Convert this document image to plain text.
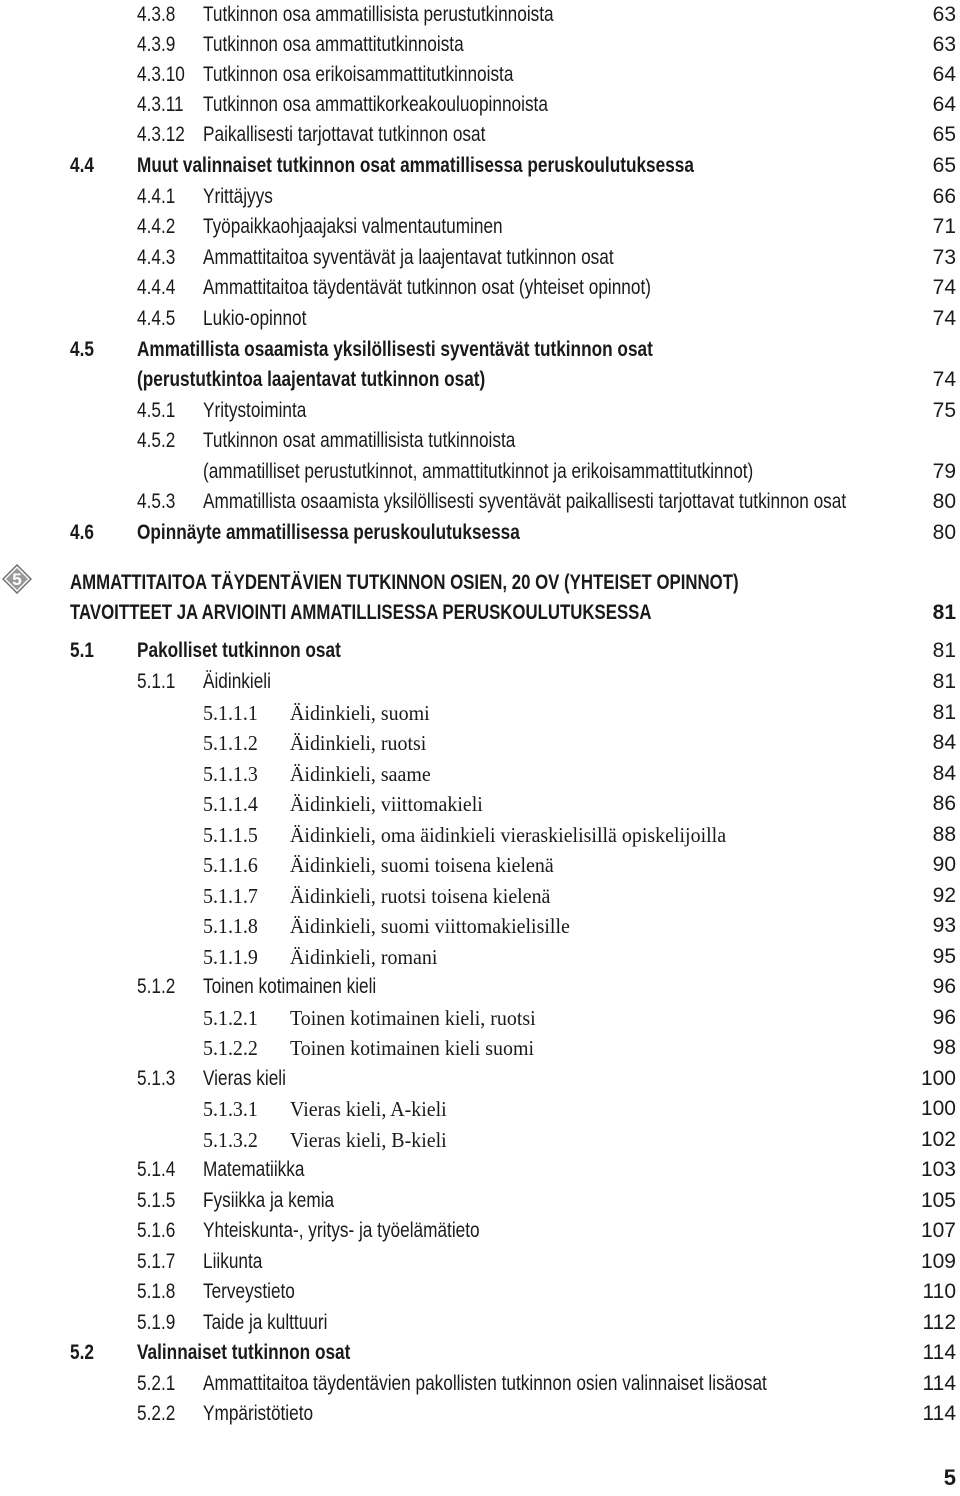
4.3.8	Tutkinnon osa ammatillisista perustutkinnoista	63
4.3.9	Tutkinnon osa ammattitutkinnoista	63
4.3.10 Tutkinnon osa erikoisammattitutkinnoista	64
4.3.11 Tutkinnon osa ammattikorkeakouluopinnoista	64
4.3.12 Paikallisesti tarjottavat tutkinnon osat	65
4.4 Muut valinnaiset tutkinnon osat ammatillisessa peruskoulutuksessa	65
4.4.1	Yrittäjyys	66
4.4.2	Työpaikkaohjaajaksi valmentautuminen	71
4.4.3	Ammattitaitoa syventävät ja laajentavat tutkinnon osat	73
4.4.4	Ammattitaitoa täydentävät tutkinnon osat (yhteiset opinnot)	74
4.4.5	Lukio-opinnot	74
4.5 Ammatillista osaamista yksilöllisesti syventävät tutkinnon osat
(perustutkintoa laajentavat tutkinnon osat)	74
4.5.1	Yritystoiminta	75
4.5.2	Tutkinnon osat ammatillisista tutkinnoista
(ammatilliset perustutkinnot, ammattitutkinnot ja erikoisammattitutkinnot)	79
4.5.3	Ammatillista osaamista yksilöllisesti syventävät paikallisesti tarjottavat tutkinnon osat	80
4.6 Opinnäyte ammatillisessa peruskoulutuksessa	80
5 AMMATTITAITOA TÄYDENTÄVIEN TUTKINNON OSIEN, 20 OV (YHTEISET OPINNOT)
TAVOITTEET JA ARVIOINTI AMMATILLISESSA PERUSKOULUTUKSESSA	81
5.1 Pakolliset tutkinnon osat	81
5.1.1	Äidinkieli	81
5.1.1.1 Äidinkieli, suomi	81
5.1.1.2 Äidinkieli, ruotsi	84
5.1.1.3 Äidinkieli, saame	84
5.1.1.4 Äidinkieli, viittomakieli	86
5.1.1.5 Äidinkieli, oma äidinkieli vieraskielisillä opiskelijoilla	88
5.1.1.6 Äidinkieli, suomi toisena kielenä	90
5.1.1.7 Äidinkieli, ruotsi toisena kielenä	92
5.1.1.8 Äidinkieli, suomi viittomakielisille	93
5.1.1.9 Äidinkieli, romani	95
5.1.2	Toinen kotimainen kieli	96
5.1.2.1 Toinen kotimainen kieli, ruotsi	96
5.1.2.2 Toinen kotimainen kieli suomi	98
5.1.3	Vieras kieli	100
5.1.3.1 Vieras kieli, A-kieli	100
5.1.3.2 Vieras kieli, B-kieli	102
5.1.4	Matematiikka	103
5.1.5	Fysiikka ja kemia	105
5.1.6	Yhteiskunta-, yritys- ja työelämätieto	107
5.1.7	Liikunta	109
5.1.8	Terveystieto	110
5.1.9	Taide ja kulttuuri	112
5.2 Valinnaiset tutkinnon osat	114
5.2.1	Ammattitaitoa täydentävien pakollisten tutkinnon osien valinnaiset lisäosat	114
5.2.2	Ympäristötieto	114
5
